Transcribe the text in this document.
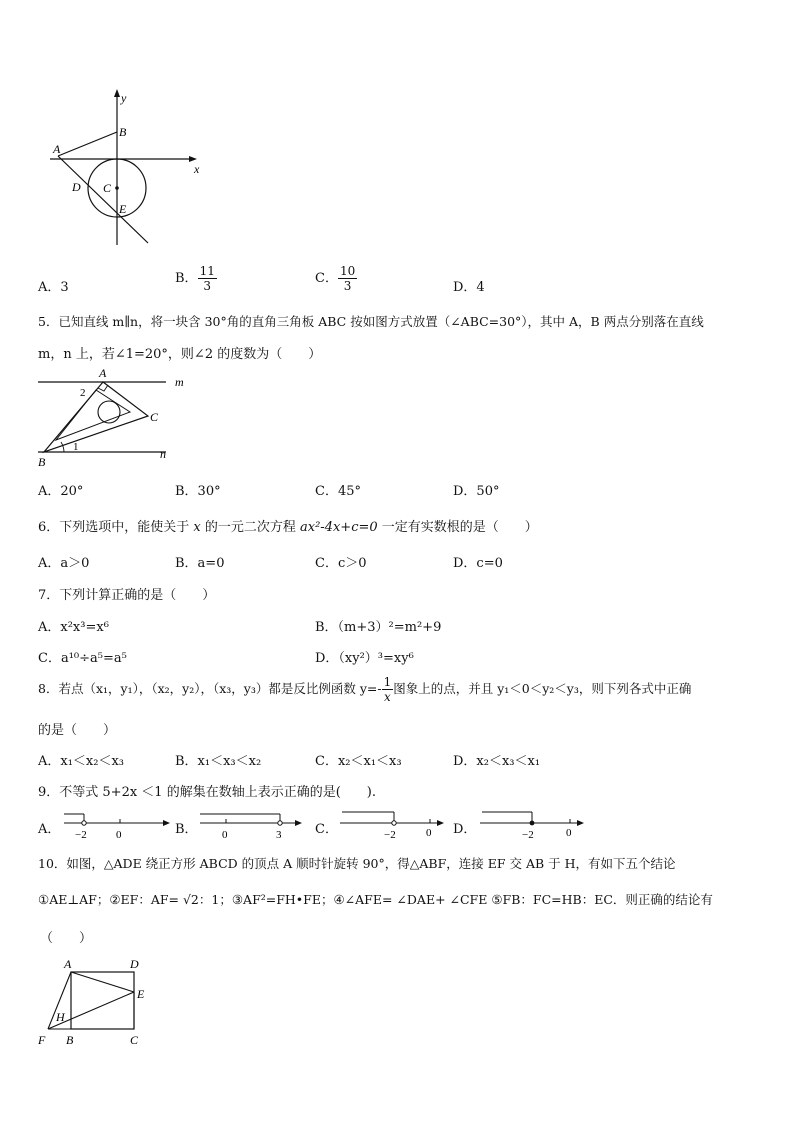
y
x
A
B
C
D
E
A．3
B． $\frac{11}{3}$	C． $\frac{10}{3}$	D．4
5．已知直线 m∥n，将一块含 30°角的直角三角板 ABC 按如图方式放置（∠ABC=30°），其中 A，B 两点分别落在直线
m，n 上，若∠1=20°，则∠2 的度数为（　　）
A
B
C
m
n
1
2
A．20°	B．30°	C．45°	D．50°
6．下列选项中，能使关于 x 的一元二次方程 ax²-4x+c=0 一定有实数根的是（　　）
A．a＞0	B．a=0	C．c＞0	D．c=0
7．下列计算正确的是（　　）
A．x²x³=x⁶	B．（m+3）²=m²+9
C．a¹⁰÷a⁵=a⁵	D．（xy²）³=xy⁶
8．若点（x₁，y₁），（x₂，y₂），（x₃，y₃）都是反比例函数 $y=- \frac{1}{x}$ 图象上的点，并且 y₁＜0＜y₂＜y₃，则下列各式中正确
的是（　　）
A．x₁＜x₂＜x₃	B．x₁＜x₃＜x₂	C．x₂＜x₁＜x₃	D．x₂＜x₃＜x₁
9．不等式 5+2x ＜1 的解集在数轴上表示正确的是(　　).
A． −2	0	B． 0	3	C．	−2	0 D．	−2	0
10．如图，△ADE 绕正方形 ABCD 的顶点 A 顺时针旋转 90°，得△ABF，连接 EF 交 AB 于 H，有如下五个结论
①AE⊥AF；②EF：AF= √2：1；③AF²=FH•FE；④∠AFE= ∠DAE+ ∠CFE ⑤FB：FC=HB：EC．则正确的结论有
（　　）
A	D
E
H
F B	C
